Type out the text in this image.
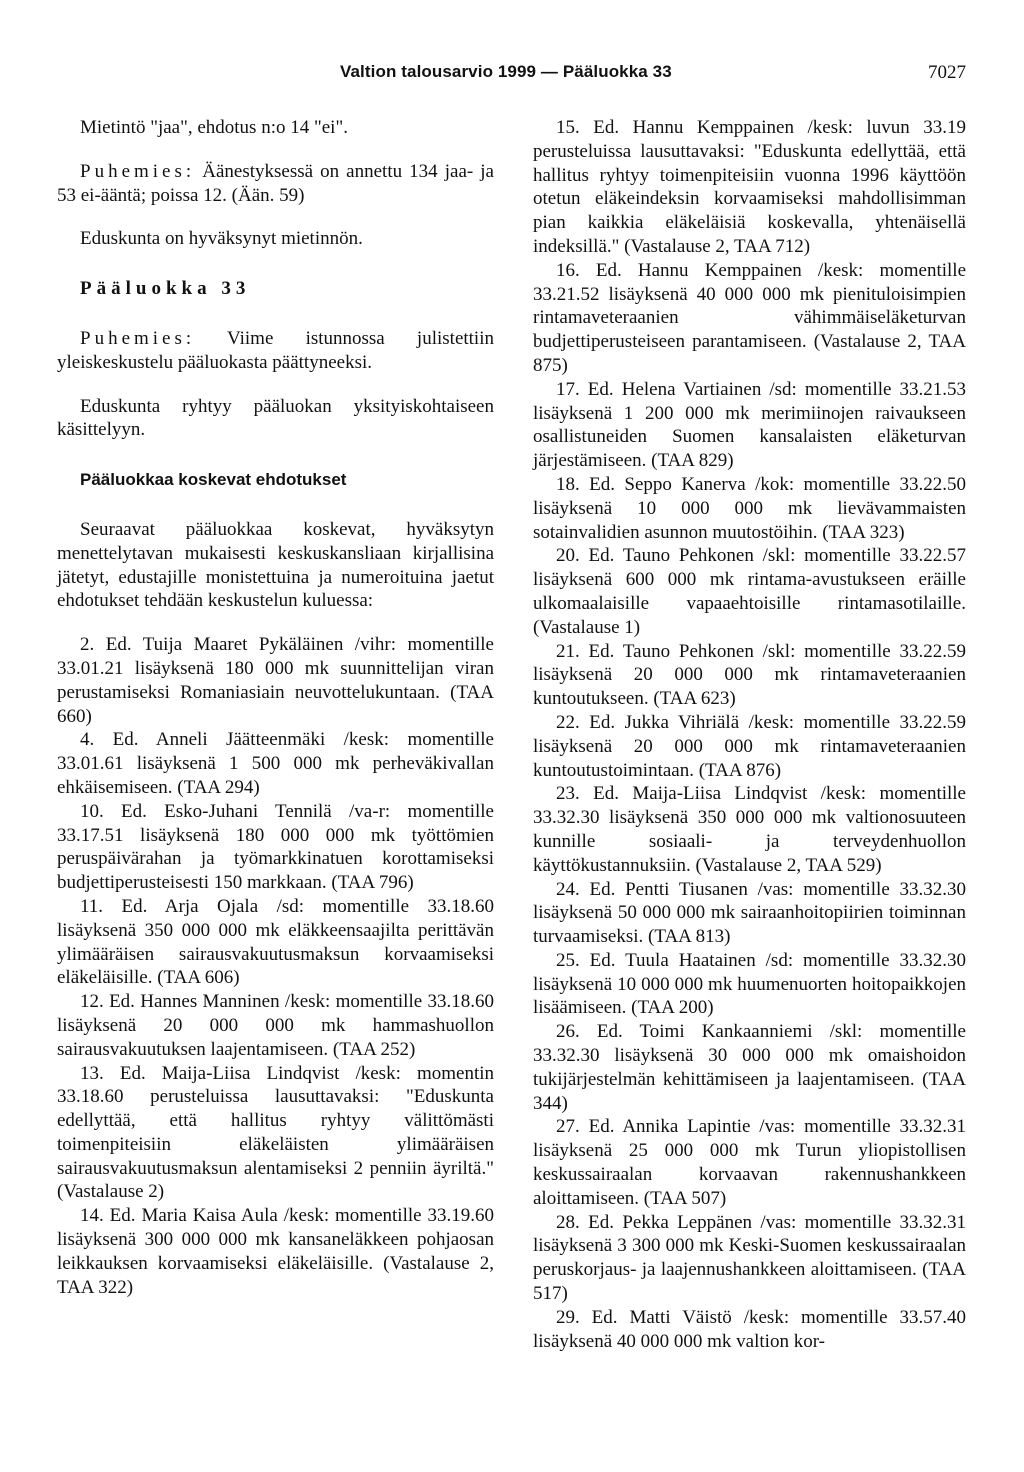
Valtion talousarvio 1999 — Pääluokka 33	7027

Mietintö "jaa", ehdotus n:o 14 "ei".

Puhemies: Äänestyksessä on annettu 134 jaa- ja 53 ei-ääntä; poissa 12. (Ään. 59)

Eduskunta on hyväksynyt mietinnön.

Pääluokka 33

Puhemies: Viime istunnossa julistettiin yleiskeskustelu pääluokasta päättyneeksi.

Eduskunta ryhtyy pääluokan yksityiskohtaiseen käsittelyyn.

Pääluokkaa koskevat ehdotukset

Seuraavat pääluokkaa koskevat, hyväksytyn menettelytavan mukaisesti keskuskansliaan kirjallisina jätetyt, edustajille monistettuina ja numeroituina jaetut ehdotukset tehdään keskustelun kuluessa:

2. Ed. Tuija Maaret Pykäläinen /vihr: momentille 33.01.21 lisäyksenä 180 000 mk suunnittelijan viran perustamiseksi Romaniasiain neuvottelukuntaan. (TAA 660)

4. Ed. Anneli Jäätteenmäki /kesk: momentille 33.01.61 lisäyksenä 1 500 000 mk perheväkivallan ehkäisemiseen. (TAA 294)

10. Ed. Esko-Juhani Tennilä /va-r: momentille 33.17.51 lisäyksenä 180 000 000 mk työttömien peruspäivärahan ja työmarkkinatuen korottamiseksi budjettiperusteisesti 150 markkaan. (TAA 796)

11. Ed. Arja Ojala /sd: momentille 33.18.60 lisäyksenä 350 000 000 mk eläkkeensaajilta perittävän ylimääräisen sairausvakuutusmaksun korvaamiseksi eläkeläisille. (TAA 606)

12. Ed. Hannes Manninen /kesk: momentille 33.18.60 lisäyksenä 20 000 000 mk hammashuollon sairausvakuutuksen laajentamiseen. (TAA 252)

13. Ed. Maija-Liisa Lindqvist /kesk: momentin 33.18.60 perusteluissa lausuttavaksi: "Eduskunta edellyttää, että hallitus ryhtyy välittömästi toimenpiteisiin eläkeläisten ylimääräisen sairausvakuutusmaksun alentamiseksi 2 penniin äyriltä." (Vastalause 2)

14. Ed. Maria Kaisa Aula /kesk: momentille 33.19.60 lisäyksenä 300 000 000 mk kansaneläkkeen pohjaosan leikkauksen korvaamiseksi eläkeläisille. (Vastalause 2, TAA 322)

15. Ed. Hannu Kemppainen /kesk: luvun 33.19 perusteluissa lausuttavaksi: "Eduskunta edellyttää, että hallitus ryhtyy toimenpiteisiin vuonna 1996 käyttöön otetun eläkeindeksin korvaamiseksi mahdollisimman pian kaikkia eläkeläisiä koskevalla, yhtenäisellä indeksillä." (Vastalause 2, TAA 712)

16. Ed. Hannu Kemppainen /kesk: momentille 33.21.52 lisäyksenä 40 000 000 mk pienituloisimpien rintamaveteraanien vähimmäiseläketurvan budjettiperusteiseen parantamiseen. (Vastalause 2, TAA 875)

17. Ed. Helena Vartiainen /sd: momentille 33.21.53 lisäyksenä 1 200 000 mk merimiinojen raivaukseen osallistuneiden Suomen kansalaisten eläketurvan järjestämiseen. (TAA 829)

18. Ed. Seppo Kanerva /kok: momentille 33.22.50 lisäyksenä 10 000 000 mk lievävammaisten sotainvalidien asunnon muutostöihin. (TAA 323)

20. Ed. Tauno Pehkonen /skl: momentille 33.22.57 lisäyksenä 600 000 mk rintama-avustukseen eräille ulkomaalaisille vapaaehtoisille rintamasotilaille. (Vastalause 1)

21. Ed. Tauno Pehkonen /skl: momentille 33.22.59 lisäyksenä 20 000 000 mk rintamaveteraanien kuntoutukseen. (TAA 623)

22. Ed. Jukka Vihriälä /kesk: momentille 33.22.59 lisäyksenä 20 000 000 mk rintamaveteraanien kuntoutustoimintaan. (TAA 876)

23. Ed. Maija-Liisa Lindqvist /kesk: momentille 33.32.30 lisäyksenä 350 000 000 mk valtionosuuteen kunnille sosiaali- ja terveydenhuollon käyttökustannuksiin. (Vastalause 2, TAA 529)

24. Ed. Pentti Tiusanen /vas: momentille 33.32.30 lisäyksenä 50 000 000 mk sairaanhoitopiirien toiminnan turvaamiseksi. (TAA 813)

25. Ed. Tuula Haatainen /sd: momentille 33.32.30 lisäyksenä 10 000 000 mk huumenuorten hoitopaikkojen lisäämiseen. (TAA 200)

26. Ed. Toimi Kankaanniemi /skl: momentille 33.32.30 lisäyksenä 30 000 000 mk omaishoidon tukijärjestelmän kehittämiseen ja laajentamiseen. (TAA 344)

27. Ed. Annika Lapintie /vas: momentille 33.32.31 lisäyksenä 25 000 000 mk Turun yliopistollisen keskussairaalan korvaavan rakennushankkeen aloittamiseen. (TAA 507)

28. Ed. Pekka Leppänen /vas: momentille 33.32.31 lisäyksenä 3 300 000 mk Keski-Suomen keskussairaalan peruskorjaus- ja laajennushankkeen aloittamiseen. (TAA 517)

29. Ed. Matti Väistö /kesk: momentille 33.57.40 lisäyksenä 40 000 000 mk valtion kor-
